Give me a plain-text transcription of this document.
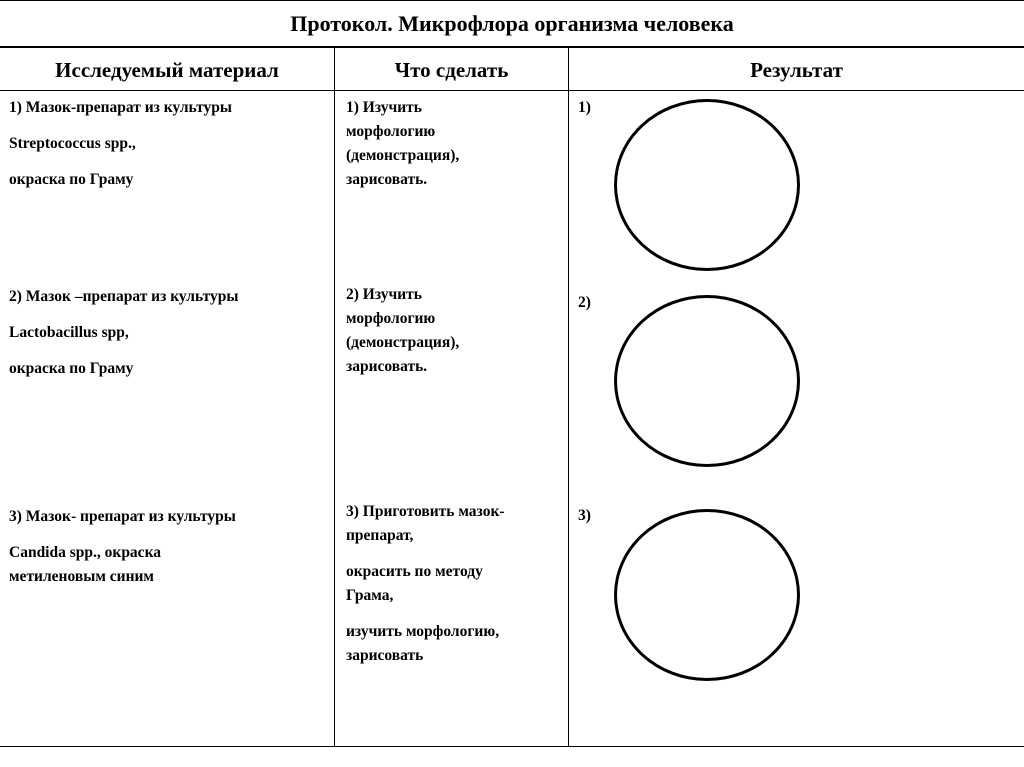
Протокол. Микрофлора организма человека
Исследуемый материал	Что сделать	Результат

1) Мазок-препарат из культуры

Streptococcus spp.,

окраска по Граму

1) Изучить

морфологию

(демонстрация),

зарисовать.

1)

2) Мазок –препарат из культуры

Lactobacillus spp,

окраска по Граму

2) Изучить

морфологию

(демонстрация),

зарисовать.

2)

3) Мазок- препарат из культуры

Candida spp., окраска

метиленовым синим

3) Приготовить мазок-

препарат,

окрасить по методу

Грама,

изучить морфологию,

зарисовать

3)
